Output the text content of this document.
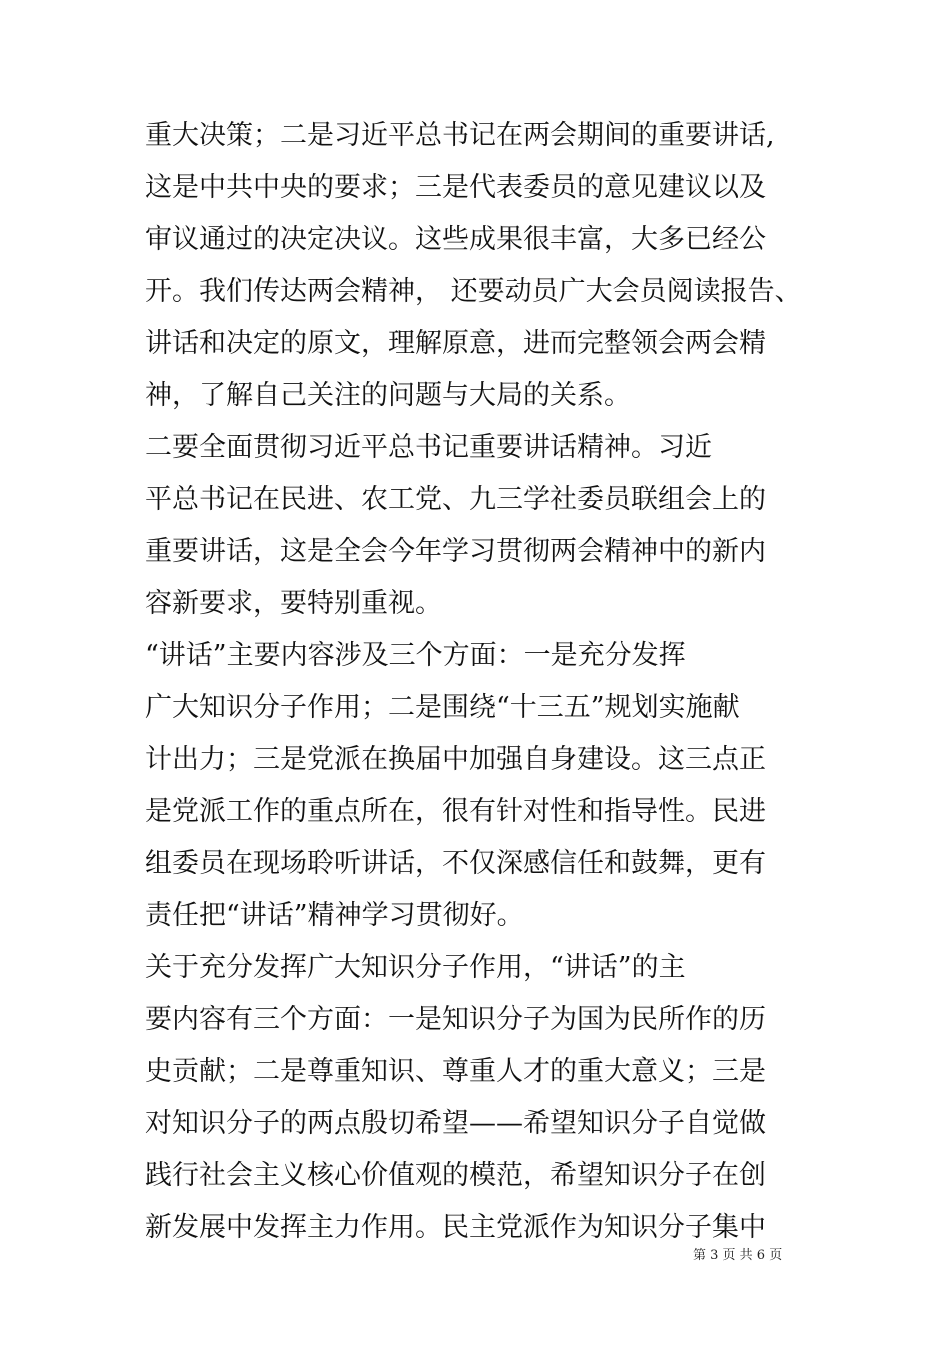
重大决策；二是习近平总书记在两会期间的重要讲话,
这是中共中央的要求；三是代表委员的意见建议以及
审议通过的决定决议。这些成果很丰富，大多已经公
开。我们传达两会精神， 还要动员广大会员阅读报告、
讲话和决定的原文，理解原意，进而完整领会两会精
神，了解自己关注的问题与大局的关系。
二要全面贯彻习近平总书记重要讲话精神。习近
平总书记在民进、农工党、九三学社委员联组会上的
重要讲话，这是全会今年学习贯彻两会精神中的新内
容新要求，要特别重视。
“讲话”主要内容涉及三个方面：一是充分发挥
广大知识分子作用；二是围绕“十三五”规划实施献
计出力；三是党派在换届中加强自身建设。这三点正
是党派工作的重点所在，很有针对性和指导性。民进
组委员在现场聆听讲话，不仅深感信任和鼓舞，更有
责任把“讲话”精神学习贯彻好。
关于充分发挥广大知识分子作用，“讲话”的主
要内容有三个方面：一是知识分子为国为民所作的历
史贡献；二是尊重知识、尊重人才的重大意义；三是
对知识分子的两点殷切希望——希望知识分子自觉做
践行社会主义核心价值观的模范，希望知识分子在创
新发展中发挥主力作用。民主党派作为知识分子集中
第 3 页 共 6 页
